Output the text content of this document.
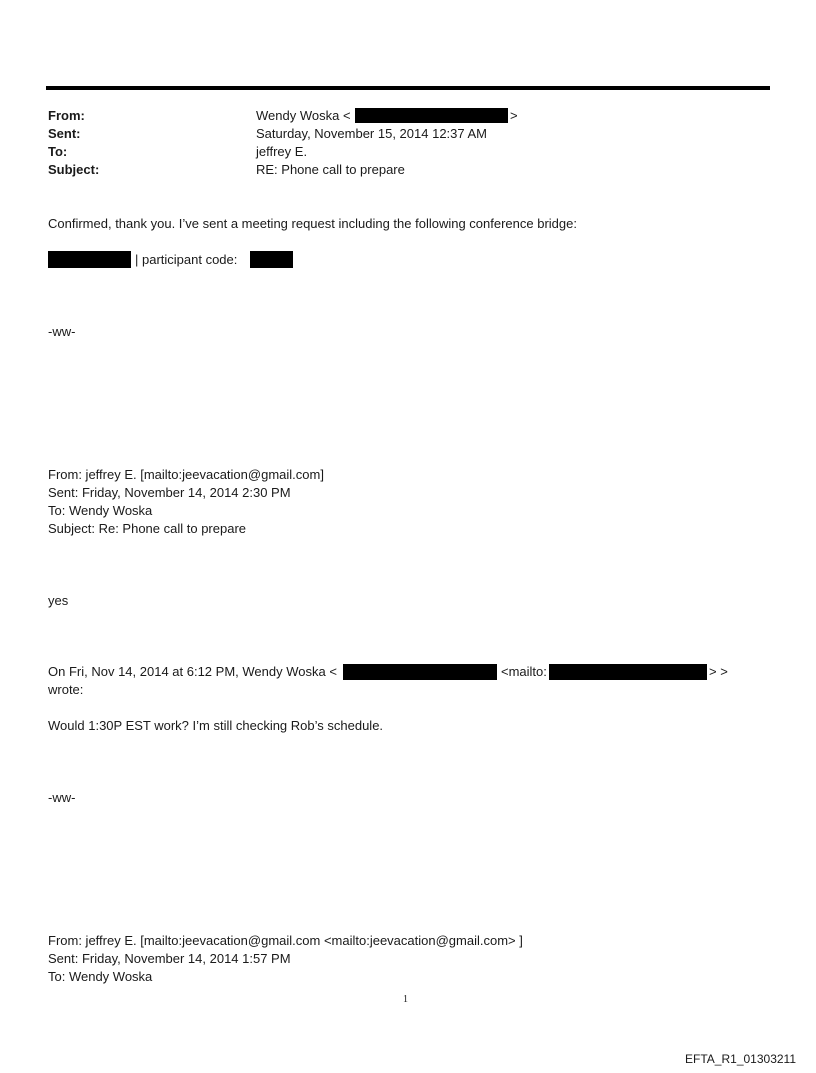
From:	Wendy Woska <	>
Sent:	Saturday, November 15, 2014 12:37 AM
To:	jeffrey E.
Subject:	RE: Phone call to prepare
Confirmed, thank you. I’ve sent a meeting request including the following conference bridge:
| participant code:
-ww-
From: jeffrey E. [mailto:jeevacation@gmail.com]
Sent: Friday, November 14, 2014 2:30 PM
To: Wendy Woska
Subject: Re: Phone call to prepare
yes
On Fri, Nov 14, 2014 at 6:12 PM, Wendy Woska <	<mailto:	> >
wrote:
Would 1:30P EST work? I’m still checking Rob’s schedule.
-ww-
From: jeffrey E. [mailto:jeevacation@gmail.com <mailto:jeevacation@gmail.com> ]
Sent: Friday, November 14, 2014 1:57 PM
To: Wendy Woska
1
EFTA_R1_01303211
